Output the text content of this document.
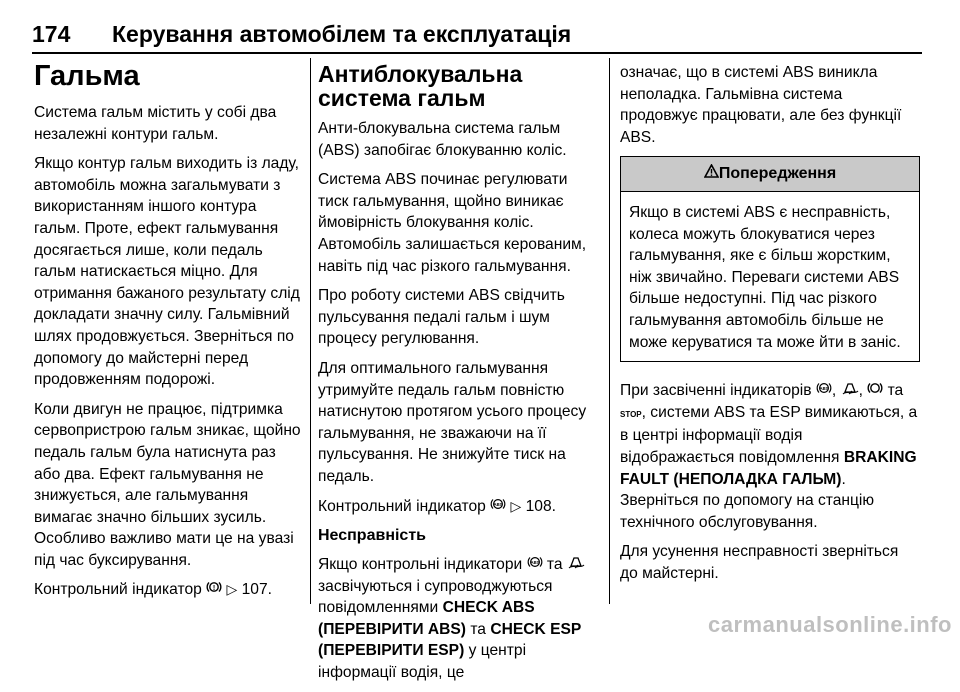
174	Керування автомобілем та експлуатація
Гальма

Система гальм містить у собі два незалежні контури гальм.

Якщо контур гальм виходить із ладу, автомобіль можна загальмувати з використанням іншого контура гальм. Проте, ефект гальмування досягається лише, коли педаль гальм натискається міцно. Для отримання бажаного результату слід докладати значну силу. Гальмівний шлях продовжується. Зверніться по допомогу до майстерні перед продовженням подорожі.

Коли двигун не працює, підтримка сервопристрою гальм зникає, щойно педаль гальм була натиснута раз або два. Ефект гальмування не знижується, але гальмування вимагає значно більших зусиль. Особливо важливо мати це на увазі під час буксирування.

Контрольний індикатор ! ▷ 107.

Антиблокувальна система гальм

Анти-блокувальна система гальм (ABS) запобігає блокуванню коліс.

Система ABS починає регулювати тиск гальмування, щойно виникає ймовірність блокування коліс. Автомобіль залишається керованим, навіть під час різкого гальмування.

Про роботу системи ABS свідчить пульсування педалі гальм і шум процесу регулювання.

Для оптимального гальмування утримуйте педаль гальм повністю натиснутою протягом усього процесу гальмування, не зважаючи на її пульсування. Не знижуйте тиск на педаль.

Контрольний індикатор ABS ▷ 108.

Несправність

Якщо контрольні індикатори ABS та  засвічуються і супроводжуються повідомленнями CHECK ABS (ПЕРЕВІРИТИ ABS) та CHECK ESP (ПЕРЕВІРИТИ ESP) у центрі інформації водія, це

означає, що в системі ABS виникла неполадка. Гальмівна система продовжує працювати, але без функції ABS.

Попередження
Якщо в системі ABS є несправність, колеса можуть блокуватися через гальмування, яке є більш жорстким, ніж звичайно. Переваги системи ABS більше недоступні. Під час різкого гальмування автомобіль більше не може керуватися та може йти в заніс.

При засвіченні індикаторів ABS , ,  та STOP, системи ABS та ESP вимикаються, а в центрі інформації водія відображається повідомлення BRAKING FAULT (НЕПОЛАДКА ГАЛЬМ). Зверніться по допомогу на станцію технічного обслуговування.

Для усунення несправності зверніться до майстерні.

carmanualsonline.info
